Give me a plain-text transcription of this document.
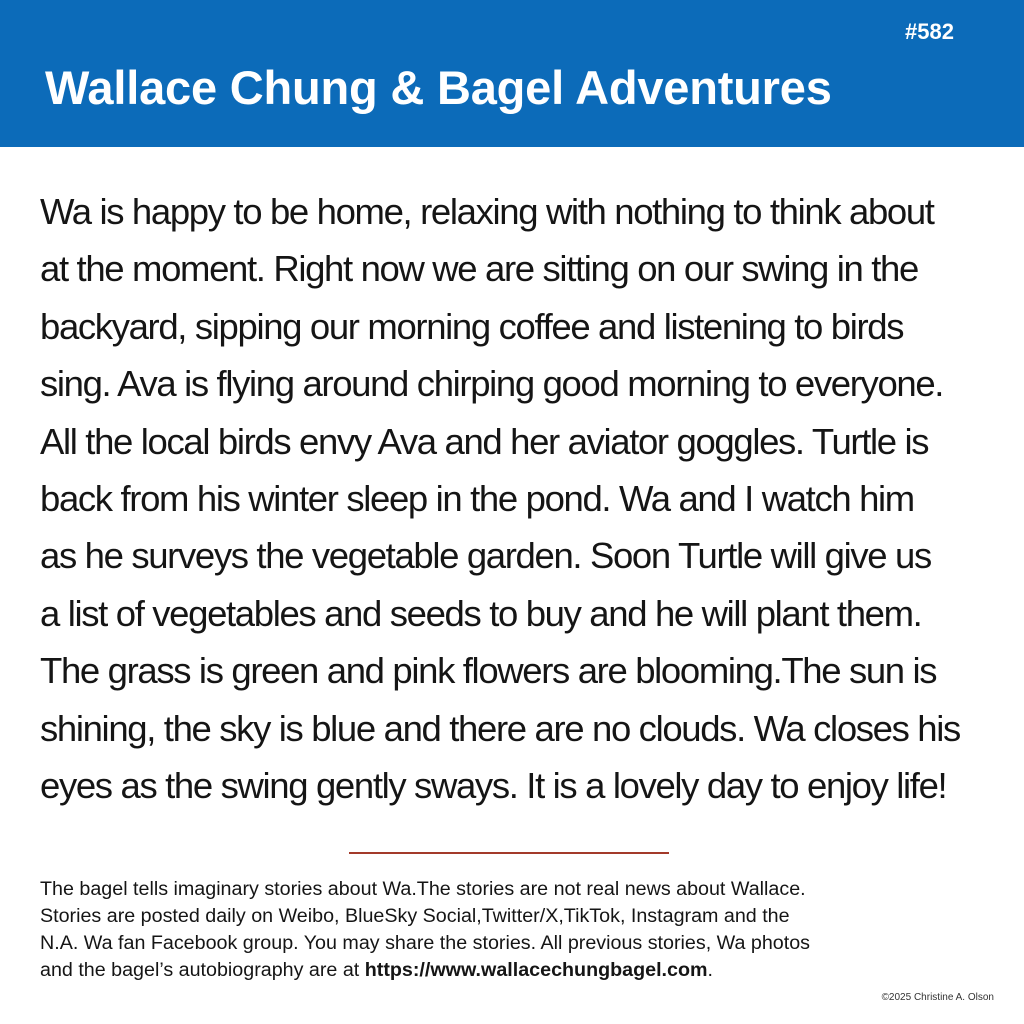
#582
Wallace Chung & Bagel Adventures
Wa is happy to be home, relaxing with nothing to think about
at the moment. Right now we are sitting on our swing in the
backyard, sipping our morning coffee and listening to birds
sing. Ava is flying around chirping good morning to everyone.
All the local birds envy Ava and her aviator goggles. Turtle is
back from his winter sleep in the pond. Wa and I watch him
as he surveys the vegetable garden. Soon Turtle will give us
a list of vegetables and seeds to buy and he will plant them.
The grass is green and pink flowers are blooming.The sun is
shining, the sky is blue and there are no clouds. Wa closes his
eyes as the swing gently sways. It is a lovely day to enjoy life!
The bagel tells imaginary stories about Wa.The stories are not real news about Wallace.
Stories are posted daily on Weibo, BlueSky Social,Twitter/X,TikTok, Instagram and the
N.A. Wa fan Facebook group. You may share the stories. All previous stories, Wa photos
and the bagel’s autobiography are at https://www.wallacechungbagel.com.
©2025 Christine A. Olson
